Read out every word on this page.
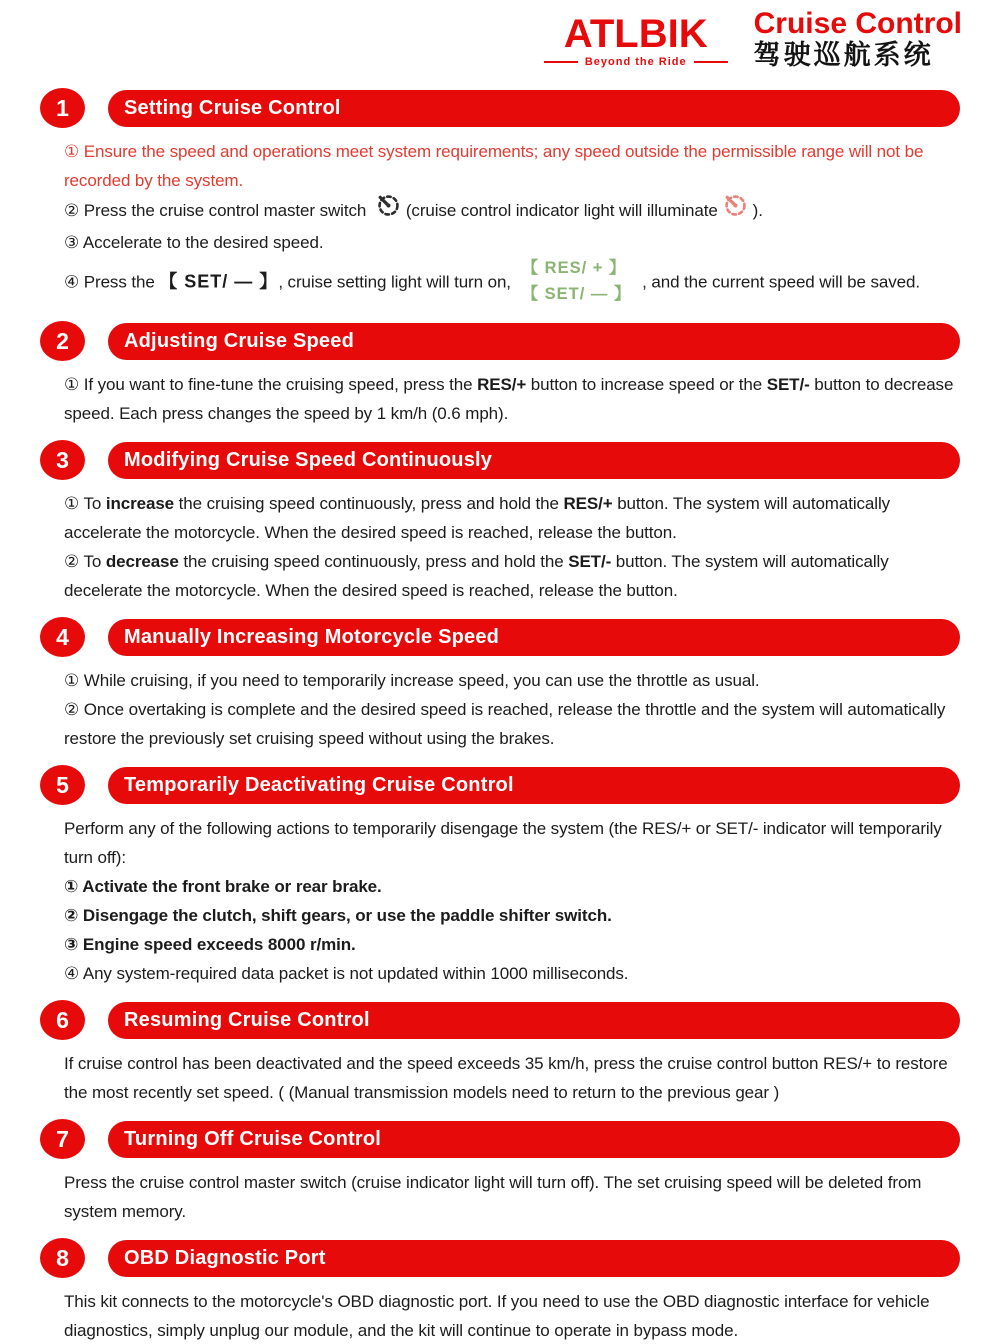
ATLBIK
Beyond the Ride
Cruise Control
驾驶巡航系统
1	Setting Cruise Control

① Ensure the speed and operations meet system requirements; any speed outside the permissible range will not be recorded by the system.

② Press the cruise control master switch (cruise control indicator light will illuminate ).

③ Accelerate to the desired speed.

④ Press the 【 SET/ — 】, cruise setting light will turn on,
【 RES/ + 】
【 SET/ — 】
, and the current speed will be saved.

2	Adjusting Cruise Speed

① If you want to fine-tune the cruising speed, press the RES/+ button to increase speed or the SET/- button to decrease speed. Each press changes the speed by 1 km/h (0.6 mph).

3	Modifying Cruise Speed Continuously

① To increase the cruising speed continuously, press and hold the RES/+ button. The system will automatically accelerate the motorcycle. When the desired speed is reached, release the button.

② To decrease the cruising speed continuously, press and hold the SET/- button. The system will automatically decelerate the motorcycle. When the desired speed is reached, release the button.

4	Manually Increasing Motorcycle Speed

① While cruising, if you need to temporarily increase speed, you can use the throttle as usual.

② Once overtaking is complete and the desired speed is reached, release the throttle and the system will automatically restore the previously set cruising speed without using the brakes.

5	Temporarily Deactivating Cruise Control

Perform any of the following actions to temporarily disengage the system (the RES/+ or SET/- indicator will temporarily turn off):

① Activate the front brake or rear brake.

② Disengage the clutch, shift gears, or use the paddle shifter switch.

③ Engine speed exceeds 8000 r/min.

④ Any system-required data packet is not updated within 1000 milliseconds.

6	Resuming Cruise Control

If cruise control has been deactivated and the speed exceeds 35 km/h, press the cruise control button RES/+ to restore the most recently set speed. ( (Manual transmission models need to return to the previous gear )

7	Turning Off Cruise Control

Press the cruise control master switch (cruise indicator light will turn off). The set cruising speed will be deleted from system memory.

8	OBD Diagnostic Port

This kit connects to the motorcycle's OBD diagnostic port. If you need to use the OBD diagnostic interface for vehicle diagnostics, simply unplug our module, and the kit will continue to operate in bypass mode.
